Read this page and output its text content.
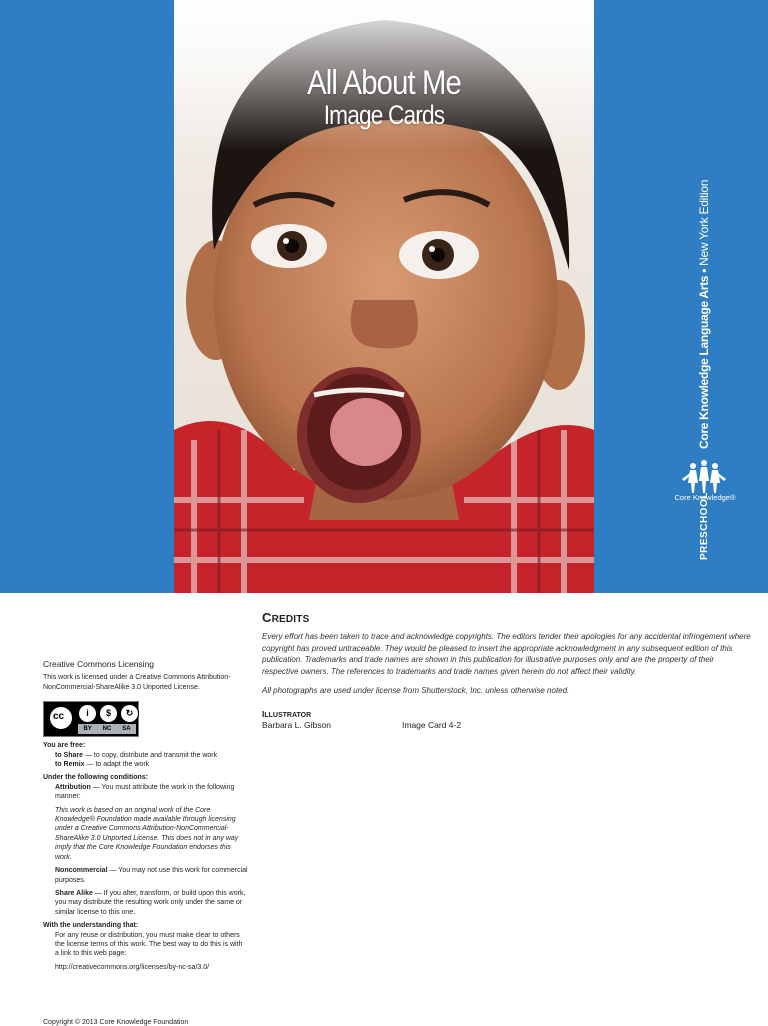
All About Me
Image Cards
Core Knowledge Language Arts • New York Edition
Core Knowledge®
PRESCHOOL
Creative Commons Licensing

This work is licensed under a Creative Commons Attribution-NonCommercial-ShareAlike 3.0 Unported License.

cc	i	$	↻
BY NC SA

You are free:

to Share — to copy, distribute and transmit the work

to Remix — to adapt the work

Under the following conditions:

Attribution — You must attribute the work in the following manner:

This work is based on an original work of the Core Knowledge® Foundation made available through licensing under a Creative Commons Attribution-NonCommercial-ShareAlike 3.0 Unported License. This does not in any way imply that the Core Knowledge Foundation endorses this work.

Noncommercial — You may not use this work for commercial purposes.

Share Alike — If you alter, transform, or build upon this work, you may distribute the resulting work only under the same or similar license to this one.

With the understanding that:

For any reuse or distribution, you must make clear to others the license terms of this work. The best way to do this is with a link to this web page:

http://creativecommons.org/licenses/by-nc-sa/3.0/

Copyright © 2013 Core Knowledge Foundation
CREDITS

Every effort has been taken to trace and acknowledge copyrights. The editors tender their apologies for any accidental infringement where copyright has proved untraceable. They would be pleased to insert the appropriate acknowledgment in any subsequent edition of this publication. Trademarks and trade names are shown in this publication for illustrative purposes only and are the property of their respective owners. The references to trademarks and trade names given herein do not affect their validity.

All photographs are used under license from Shutterstock, Inc. unless otherwise noted.

ILLUSTRATOR
Barbara L. Gibson	Image Card 4-2
